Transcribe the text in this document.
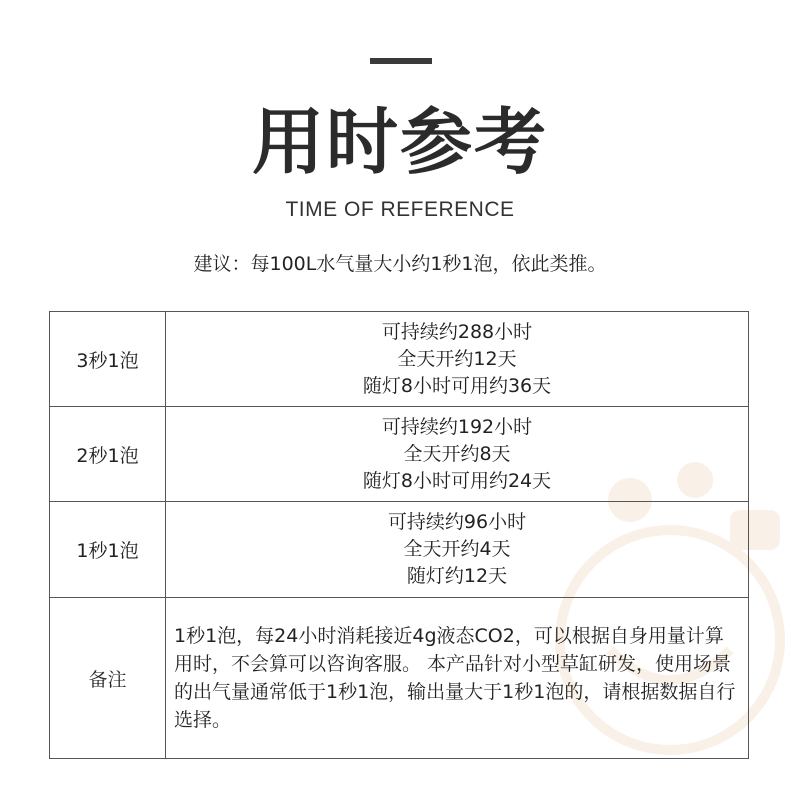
用时参考
TIME OF REFERENCE
建议：每100L水气量大小约1秒1泡，依此类推。
3秒1泡	可持续约288小时
全天开约12天
随灯8小时可用约36天

2秒1泡	可持续约192小时
全天开约8天
随灯8小时可用约24天

1秒1泡	可持续约96小时
全天开约4天
随灯约12天

备注	1秒1泡，每24小时消耗接近4g液态CO2，可以根据自身用量计算用时，不会算可以咨询客服。 本产品针对小型草缸研发，使用场景的出气量通常低于1秒1泡，输出量大于1秒1泡的，请根据数据自行选择。
